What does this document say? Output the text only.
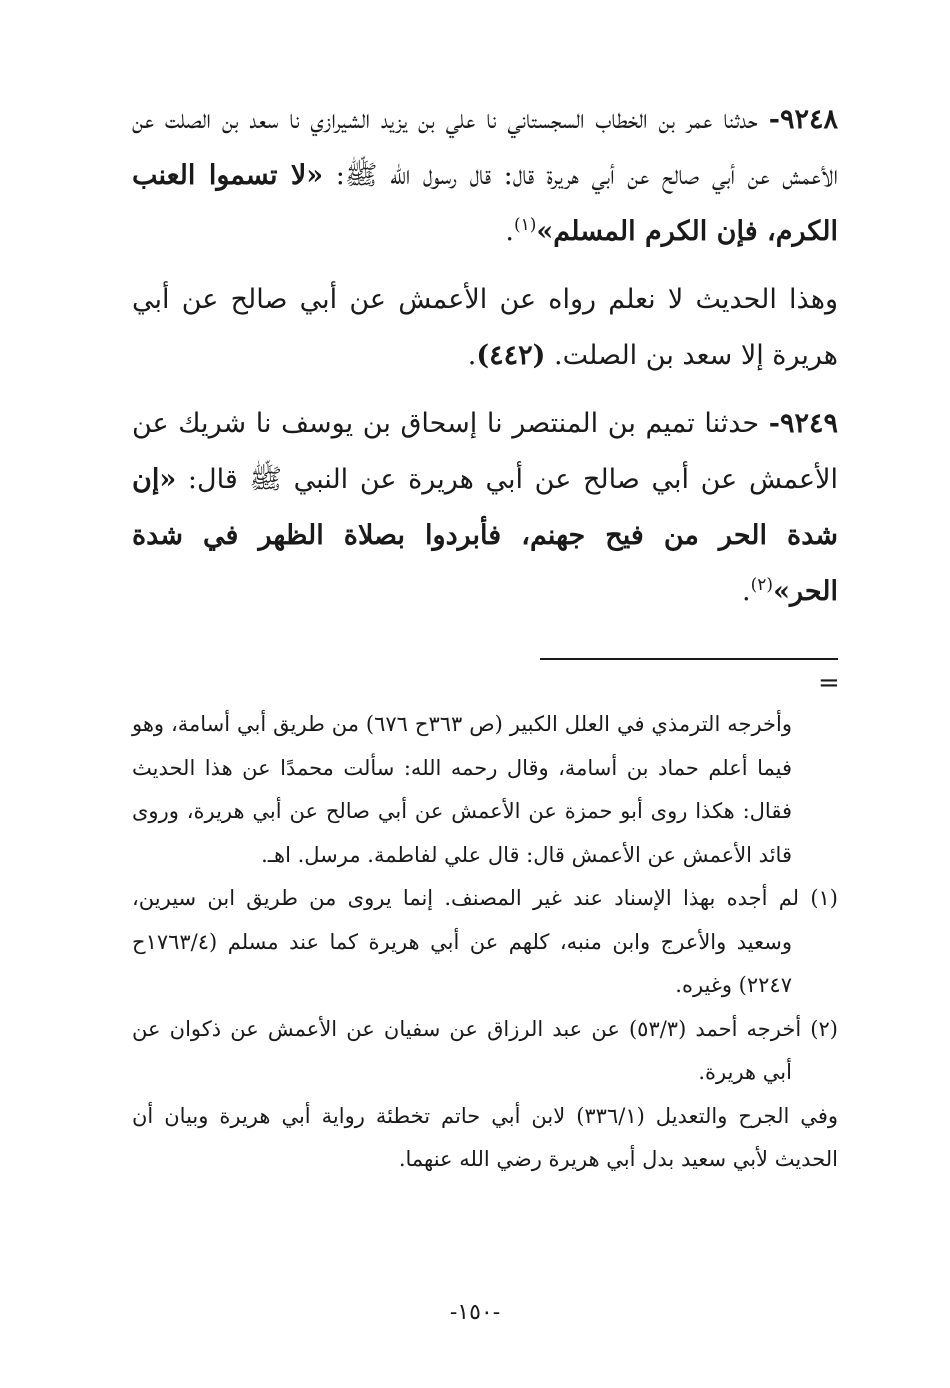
٩٢٤٨- حدثنا عمر بن الخطاب السجستاني نا علي بن يزيد الشيرازي نا سعد بن الصلت عن الأعمش عن أبي صالح عن أبي هريرة قال: قال رسول الله ﷺ: «لا تسموا العنب الكرم، فإن الكرم المسلم»$^{(١)}$.

وهذا الحديث لا نعلم رواه عن الأعمش عن أبي صالح عن أبي هريرة إلا سعد بن الصلت. (٤٤٢).

٩٢٤٩- حدثنا تميم بن المنتصر نا إسحاق بن يوسف نا شريك عن الأعمش عن أبي صالح عن أبي هريرة عن النبي ﷺ قال: «إن شدة الحر من فيح جهنم، فأبردوا بصلاة الظهر في شدة الحر»$^{(٢)}$.

=

وأخرجه الترمذي في العلل الكبير (ص ٣٦٣ح ٦٧٦) من طريق أبي أسامة، وهو فيما أعلم حماد بن أسامة، وقال رحمه الله: سألت محمدًا عن هذا الحديث فقال: هكذا روى أبو حمزة عن الأعمش عن أبي صالح عن أبي هريرة، وروى قائد الأعمش عن الأعمش قال: قال علي لفاطمة. مرسل. اهـ.

(١) لم أجده بهذا الإسناد عند غير المصنف. إنما يروى من طريق ابن سيرين، وسعيد والأعرج وابن منبه، كلهم عن أبي هريرة كما عند مسلم (١٧٦٣/٤ح ٢٢٤٧) وغيره.

(٢) أخرجه أحمد (٥٣/٣) عن عبد الرزاق عن سفيان عن الأعمش عن ذكوان عن أبي هريرة.

وفي الجرح والتعديل (٣٣٦/١) لابن أبي حاتم تخطئة رواية أبي هريرة وبيان أن الحديث لأبي سعيد بدل أبي هريرة رضي الله عنهما.

-١٥٠-
